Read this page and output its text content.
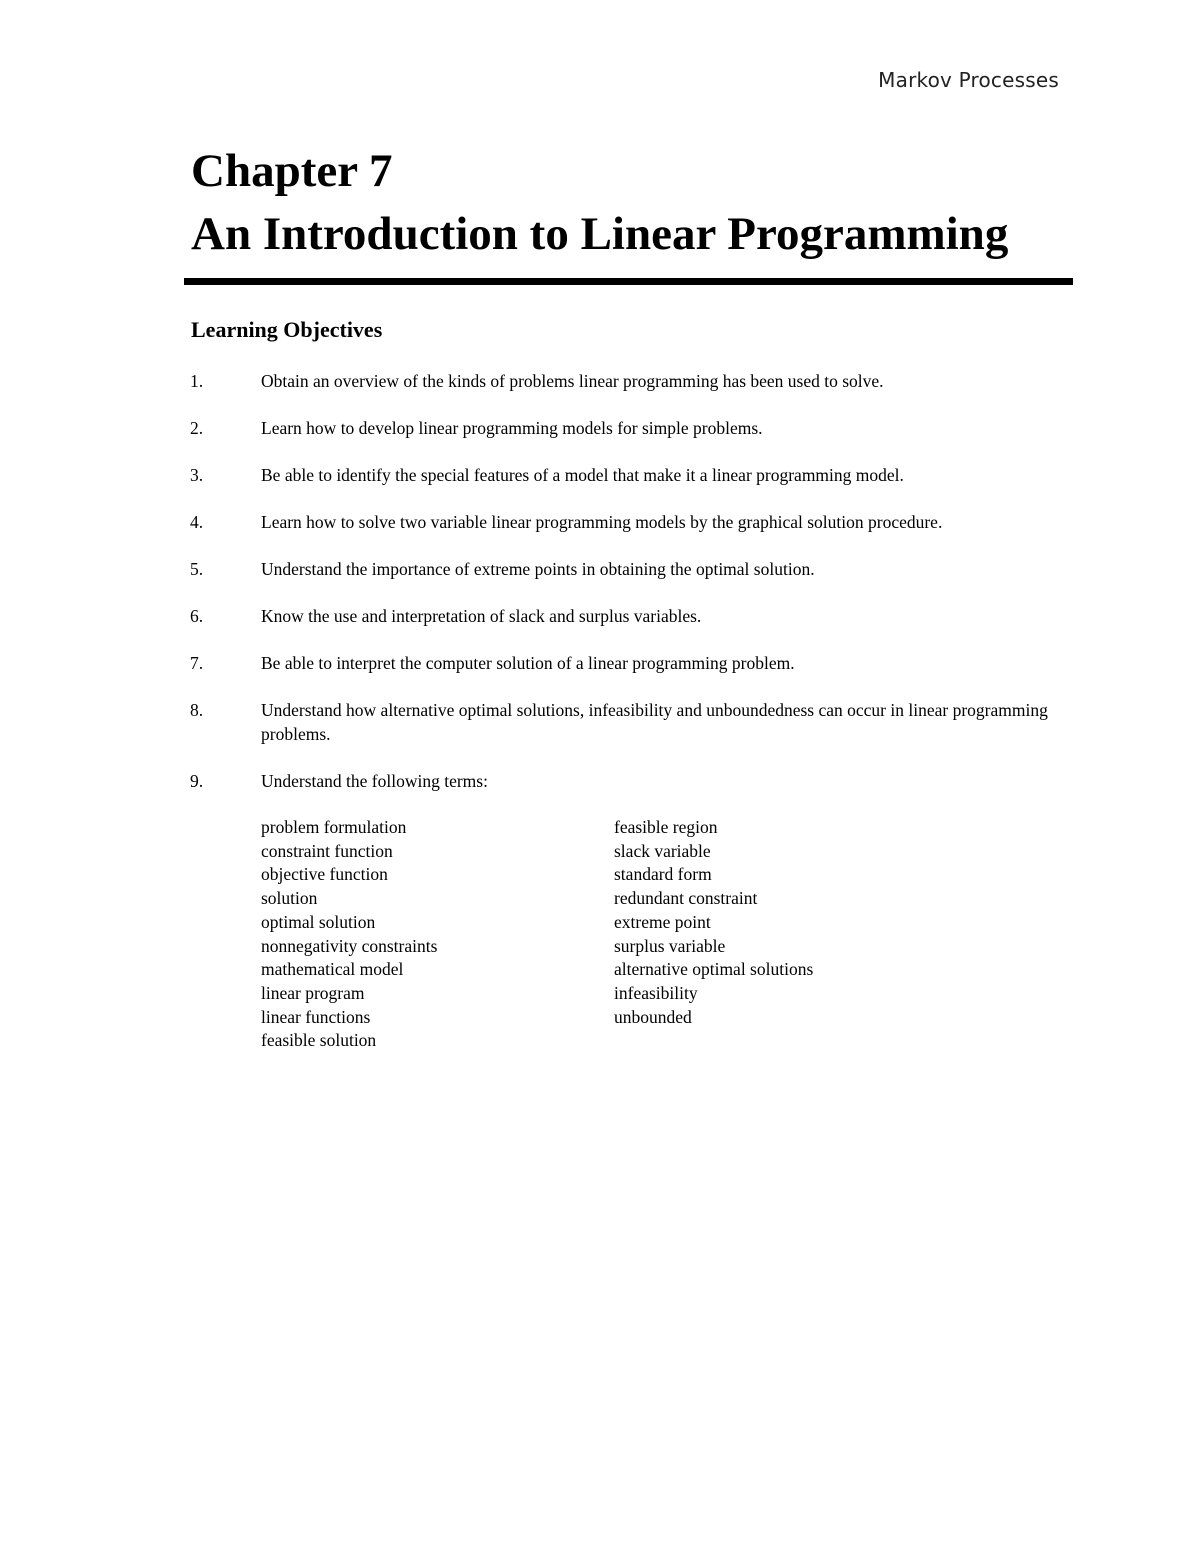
Markov Processes
Chapter 7
An Introduction to Linear Programming
Learning Objectives
1.	Obtain an overview of the kinds of problems linear programming has been used to solve.
2.	Learn how to develop linear programming models for simple problems.
3.	Be able to identify the special features of a model that make it a linear programming model.
4.	Learn how to solve two variable linear programming models by the graphical solution procedure.
5.	Understand the importance of extreme points in obtaining the optimal solution.
6.	Know the use and interpretation of slack and surplus variables.
7.	Be able to interpret the computer solution of a linear programming problem.
8.	Understand how alternative optimal solutions, infeasibility and unboundedness can occur in linear programming problems.
9.	Understand the following terms:
problem formulation
constraint function
objective function
solution
optimal solution
nonnegativity constraints
mathematical model
linear program
linear functions
feasible solution
feasible region
slack variable
standard form
redundant constraint
extreme point
surplus variable
alternative optimal solutions
infeasibility
unbounded
